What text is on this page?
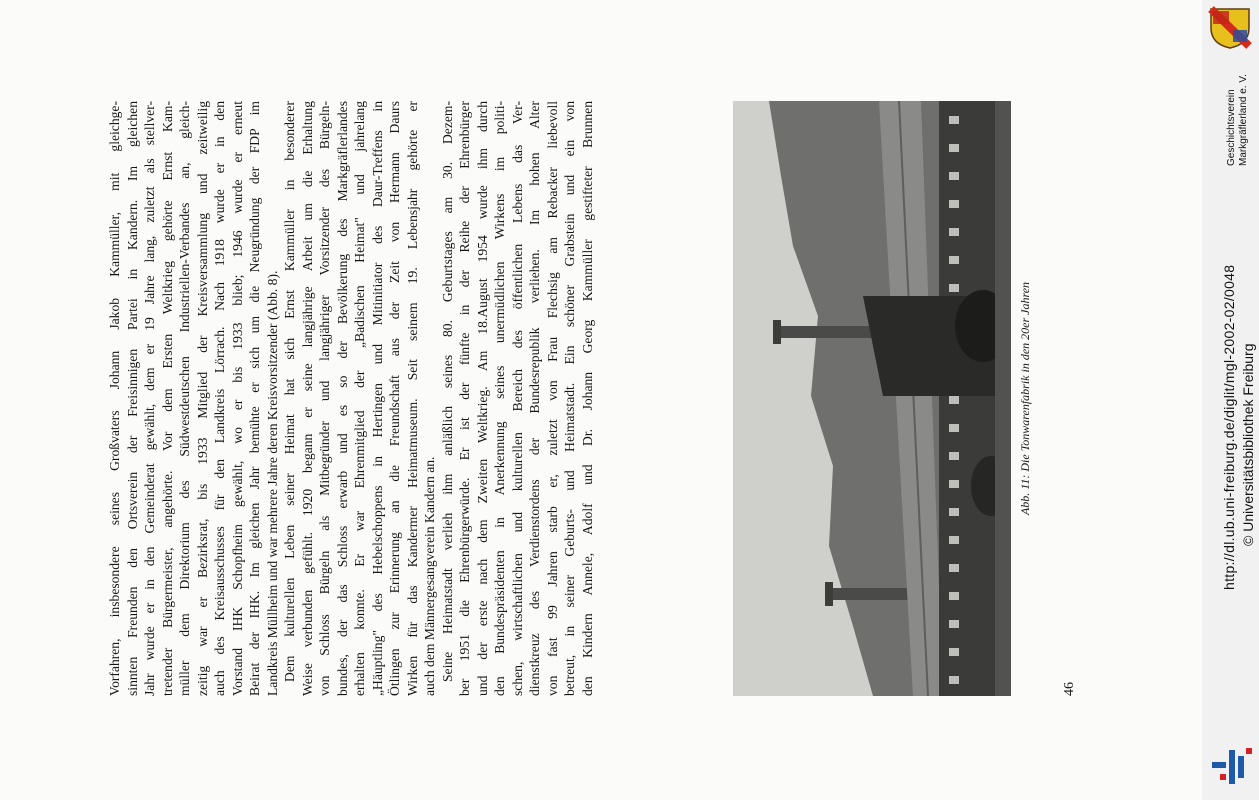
Vorfahren, insbesondere seines Großvaters Johann Jakob Kammüller, mit gleichge- sinnten Freunden den Ortsverein der Freisinnigen Partei in Kandern. Im gleichen Jahr wurde er in den Gemeinderat gewählt, dem er 19 Jahre lang, zuletzt als stellver- tretender Bürgermeister, angehörte. Vor dem Ersten Weltkrieg gehörte Ernst Kam- müller dem Direktorium des Südwestdeutschen Industriellen-Verbandes an, gleich- zeitig war er Bezirksrat, bis 1933 Mitglied der Kreisversammlung und zeitweilig auch des Kreisausschusses für den Landkreis Lörrach. Nach 1918 wurde er in den Vorstand IHK Schopfheim gewählt, wo er bis 1933 blieb; 1946 wurde er erneut Beirat der IHK. Im gleichen Jahr bemühte er sich um die Neugründung der FDP im Landkreis Müllheim und war mehrere Jahre deren Kreisvorsitzender (Abb. 8). Dem kulturellen Leben seiner Heimat hat sich Ernst Kammüller in besonderer Weise verbunden gefühlt. 1920 begann er seine langjährige Arbeit um die Erhaltung von Schloss Bürgeln als Mitbegründer und langjähriger Vorsitzender des Bürgeln- bundes, der das Schloss erwarb und es so der Bevölkerung des Markgräflerlandes erhalten konnte. Er war Ehrenmitglied der „Badischen Heimat" und jahrelang „Häuptling" des Hebelschoppens in Hertingen und Mitinitiator des Daur-Treffens in Ötlingen zur Erinnerung an die Freundschaft aus der Zeit von Hermann Daurs Wirken für das Kandermer Heimatmuseum. Seit seinem 19. Lebensjahr gehörte er auch dem Männergesangverein Kandern an. Seine Heimatstadt verlieh ihm anläßlich seines 80. Geburtstages am 30. Dezem- ber 1951 die Ehrenbürgerwürde. Er ist der fünfte in der Reihe der Ehrenbürger und der erste nach dem Zweiten Weltkrieg. Am 18.August 1954 wurde ihm durch den Bundespräsidenten in Anerkennung seines unermüdlichen Wirkens im politi- schen, wirtschaftlichen und kulturellen Bereich des öffentlichen Lebens das Ver- dienstkreuz des Verdienstordens der Bundesrepublik verliehen. Im hohen Alter von fast 99 Jahren starb er, zuletzt von Frau Flechsig am Rebacker liebevoll betreut, in seiner Geburts- und Heimatstadt. Ein schöner Grabstein und ein von den Kindern Annele, Adolf und Dr. Johann Georg Kammüller gestifteter Brunnen	Abb. 11: Die Tonwarenfabrik in den 20er Jahren
46
Geschichtsverein Markgräflerland e. V.
http://dl.ub.uni-freiburg.de/diglit/mgl-2002-02/0048 © Universitätsbibliothek Freiburg
